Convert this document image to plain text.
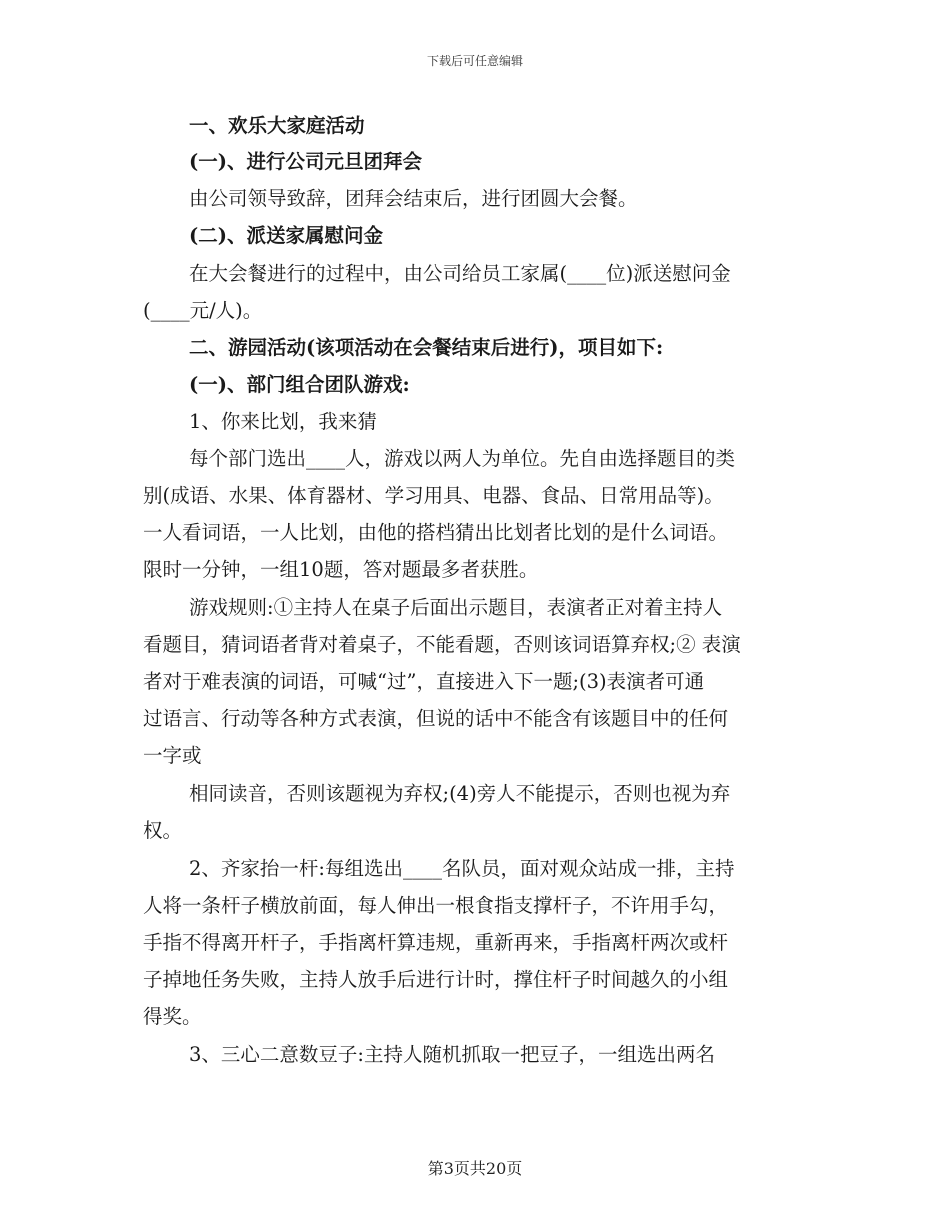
下载后可任意编辑
一、欢乐大家庭活动
(一)、进行公司元旦团拜会
由公司领导致辞，团拜会结束后，进行团圆大会餐。
(二)、派送家属慰问金
在大会餐进行的过程中，由公司给员工家属(____位)派送慰问金
(____元/人)。
二、游园活动(该项活动在会餐结束后进行)，项目如下:
(一)、部门组合团队游戏:
1、你来比划，我来猜
每个部门选出____人，游戏以两人为单位。先自由选择题目的类
别(成语、水果、体育器材、学习用具、电器、食品、日常用品等)。
一人看词语，一人比划，由他的搭档猜出比划者比划的是什么词语。
限时一分钟，一组10题，答对题最多者获胜。
游戏规则:①主持人在桌子后面出示题目，表演者正对着主持人
看题目，猜词语者背对着桌子，不能看题，否则该词语算弃权;② 表演
者对于难表演的词语，可喊“过”，直接进入下一题;(3)表演者可通
过语言、行动等各种方式表演，但说的话中不能含有该题目中的任何
一字或
相同读音，否则该题视为弃权;(4)旁人不能提示，否则也视为弃
权。
2、齐家抬一杆:每组选出____名队员，面对观众站成一排，主持
人将一条杆子横放前面，每人伸出一根食指支撑杆子，不许用手勾，
手指不得离开杆子，手指离杆算违规，重新再来，手指离杆两次或杆
子掉地任务失败，主持人放手后进行计时，撑住杆子时间越久的小组
得奖。
3、三心二意数豆子:主持人随机抓取一把豆子，一组选出两名
第3页共20页
